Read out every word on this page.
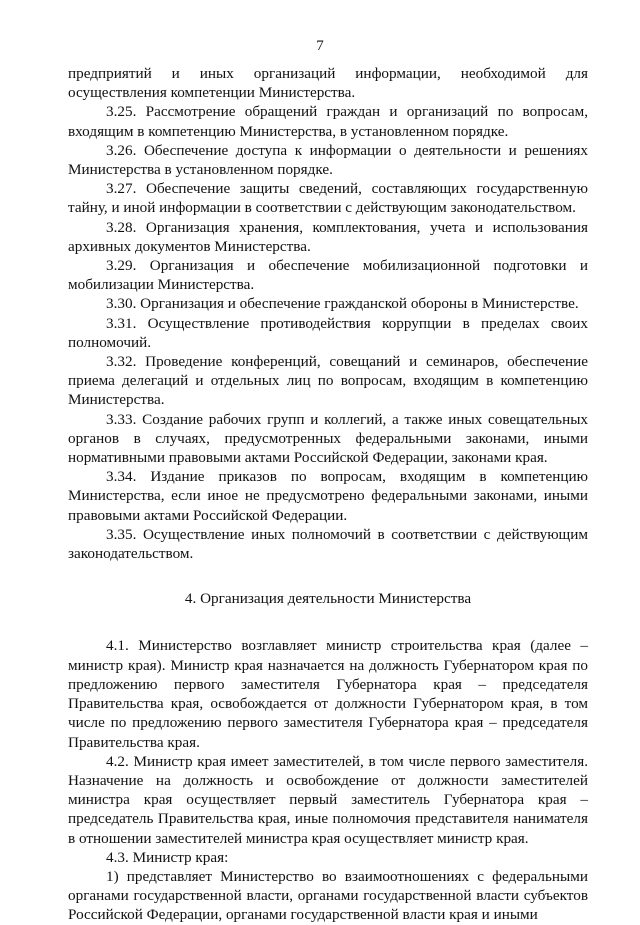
7

предприятий и иных организаций информации, необходимой для осуществления компетенции Министерства.

3.25. Рассмотрение обращений граждан и организаций по вопросам, входящим в компетенцию Министерства, в установленном порядке.

3.26. Обеспечение доступа к информации о деятельности и решениях Министерства в установленном порядке.

3.27. Обеспечение защиты сведений, составляющих государственную тайну, и иной информации в соответствии с действующим законодательством.

3.28. Организация хранения, комплектования, учета и использования архивных документов Министерства.

3.29. Организация и обеспечение мобилизационной подготовки и мобилизации Министерства.

3.30. Организация и обеспечение гражданской обороны в Министерстве.

3.31. Осуществление противодействия коррупции в пределах своих полномочий.

3.32. Проведение конференций, совещаний и семинаров, обеспечение приема делегаций и отдельных лиц по вопросам, входящим в компетенцию Министерства.

3.33. Создание рабочих групп и коллегий, а также иных совещательных органов в случаях, предусмотренных федеральными законами, иными нормативными правовыми актами Российской Федерации, законами края.

3.34. Издание приказов по вопросам, входящим в компетенцию Министерства, если иное не предусмотрено федеральными законами, иными правовыми актами Российской Федерации.

3.35. Осуществление иных полномочий в соответствии с действующим законодательством.

4. Организация деятельности Министерства

4.1. Министерство возглавляет министр строительства края (далее – министр края). Министр края назначается на должность Губернатором края по предложению первого заместителя Губернатора края – председателя Правительства края, освобождается от должности Губернатором края, в том числе по предложению первого заместителя Губернатора края – председателя Правительства края.

4.2. Министр края имеет заместителей, в том числе первого заместителя. Назначение на должность и освобождение от должности заместителей министра края осуществляет первый заместитель Губернатора края – председатель Правительства края, иные полномочия представителя нанимателя в отношении заместителей министра края осуществляет министр края.

4.3. Министр края:

1) представляет Министерство во взаимоотношениях с федеральными органами государственной власти, органами государственной власти субъектов Российской Федерации, органами государственной власти края и иными
